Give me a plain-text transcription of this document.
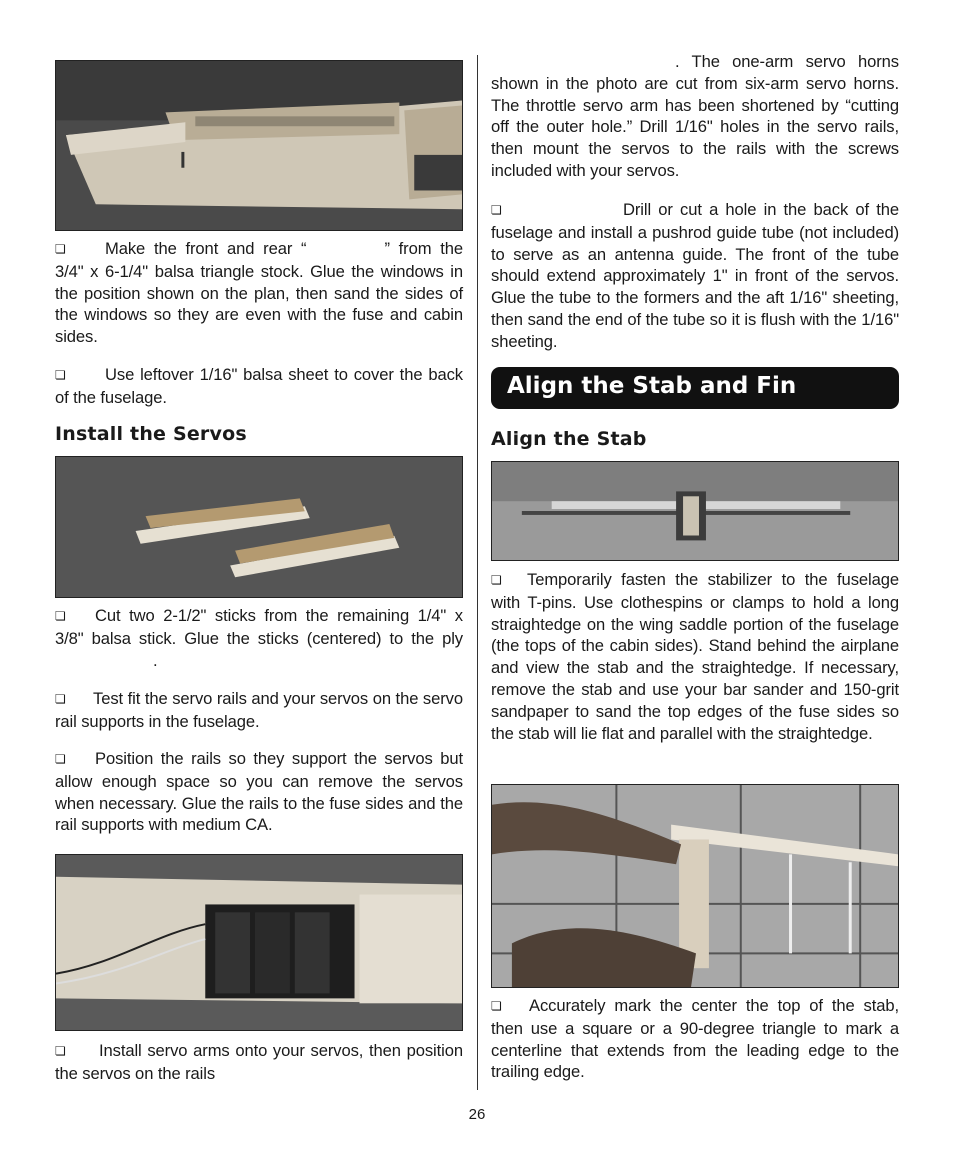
❏ Make the front and rear “	” from the 3/4" x 6-1/4" balsa triangle stock. Glue the windows in the position shown on the plan, then sand the sides of the windows so they are even with the fuse and cabin sides.

❏ Use leftover 1/16" balsa sheet to cover the back of the fuselage.

Install the Servos

❏ Cut two 2-1/2" sticks from the remaining 1/4" x 3/8" balsa stick. Glue the sticks (centered) to the ply.

❏ Test fit the servo rails and your servos on the servo rail supports in the fuselage.

❏ Position the rails so they support the servos but allow enough space so you can remove the servos when necessary. Glue the rails to the fuse sides and the rail supports with medium CA.

❏ Install servo arms onto your servos, then position the servos on the rails

. The one-arm servo horns shown in the photo are cut from six-arm servo horns. The throttle servo arm has been shortened by “cutting off the outer hole.” Drill 1/16" holes in the servo rails, then mount the servos to the rails with the screws included with your servos.

❏	Drill or cut a hole in the back of the fuselage and install a pushrod guide tube (not included) to serve as an antenna guide. The front of the tube should extend approximately 1" in front of the servos. Glue the tube to the formers and the aft 1/16" sheeting, then sand the end of the tube so it is flush with the 1/16" sheeting.

Align the Stab and Fin
Align the Stab

❏ Temporarily fasten the stabilizer to the fuselage with T-pins. Use clothespins or clamps to hold a long straightedge on the wing saddle portion of the fuselage (the tops of the cabin sides). Stand behind the airplane and view the stab and the straightedge. If necessary, remove the stab and use your bar sander and 150-grit sandpaper to sand the top edges of the fuse sides so the stab will lie flat and parallel with the straightedge.

❏ Accurately mark the center the top of the stab, then use a square or a 90-degree triangle to mark a centerline that extends from the leading edge to the trailing edge.

26
